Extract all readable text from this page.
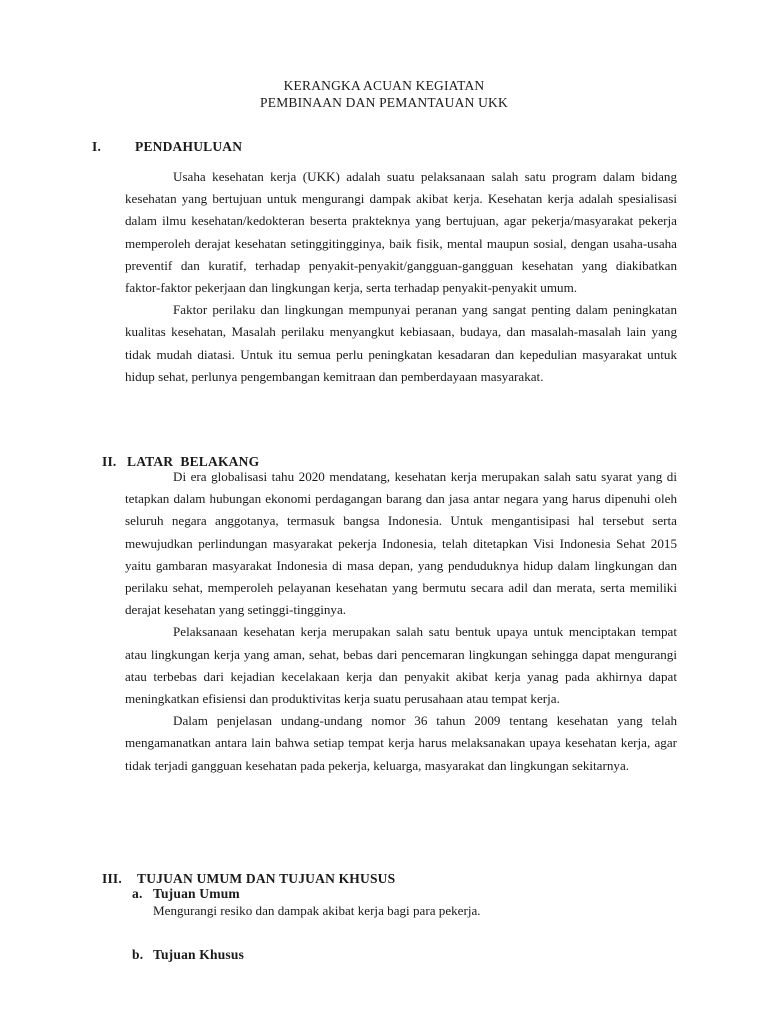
KERANGKA ACUAN KEGIATAN
PEMBINAAN DAN PEMANTAUAN UKK
I.	PENDAHULUAN

Usaha kesehatan kerja (UKK) adalah suatu pelaksanaan salah satu program dalam bidang kesehatan yang bertujuan untuk mengurangi dampak akibat kerja. Kesehatan kerja adalah spesialisasi dalam ilmu kesehatan/kedokteran beserta prakteknya yang bertujuan, agar pekerja/masyarakat pekerja memperoleh derajat kesehatan setinggitingginya, baik fisik, mental maupun sosial, dengan usaha-usaha preventif dan kuratif, terhadap penyakit-penyakit/gangguan-gangguan kesehatan yang diakibatkan faktor-faktor pekerjaan dan lingkungan kerja, serta terhadap penyakit-penyakit umum.

Faktor perilaku dan lingkungan mempunyai peranan yang sangat penting dalam peningkatan kualitas kesehatan, Masalah perilaku menyangkut kebiasaan, budaya, dan masalah-masalah lain yang tidak mudah diatasi. Untuk itu semua perlu peningkatan kesadaran dan kepedulian masyarakat untuk hidup sehat, perlunya pengembangan kemitraan dan pemberdayaan masyarakat.

II. LATAR  BELAKANG

Di era globalisasi tahu 2020 mendatang, kesehatan kerja merupakan salah satu syarat yang di tetapkan dalam hubungan ekonomi perdagangan barang dan jasa antar negara yang harus dipenuhi oleh seluruh negara anggotanya, termasuk bangsa Indonesia. Untuk mengantisipasi hal tersebut serta mewujudkan perlindungan masyarakat pekerja Indonesia, telah ditetapkan Visi Indonesia Sehat 2015 yaitu gambaran masyarakat Indonesia di masa depan, yang penduduknya hidup dalam lingkungan dan perilaku sehat, memperoleh pelayanan kesehatan yang bermutu secara adil dan merata, serta memiliki derajat kesehatan yang setinggi-tingginya.

Pelaksanaan kesehatan kerja merupakan salah satu bentuk upaya untuk menciptakan tempat atau lingkungan kerja yang aman, sehat, bebas dari pencemaran lingkungan sehingga dapat mengurangi atau terbebas dari kejadian kecelakaan kerja dan penyakit akibat kerja yanag pada akhirnya dapat meningkatkan efisiensi dan produktivitas kerja suatu perusahaan atau tempat kerja.

Dalam penjelasan undang-undang nomor 36 tahun 2009 tentang kesehatan yang telah mengamanatkan antara lain bahwa setiap tempat kerja harus melaksanakan upaya kesehatan kerja, agar tidak terjadi gangguan kesehatan pada pekerja, keluarga, masyarakat dan lingkungan sekitarnya.

III. TUJUAN UMUM DAN TUJUAN KHUSUS
a. Tujuan Umum
Mengurangi resiko dan dampak akibat kerja bagi para pekerja.
b. Tujuan Khusus
